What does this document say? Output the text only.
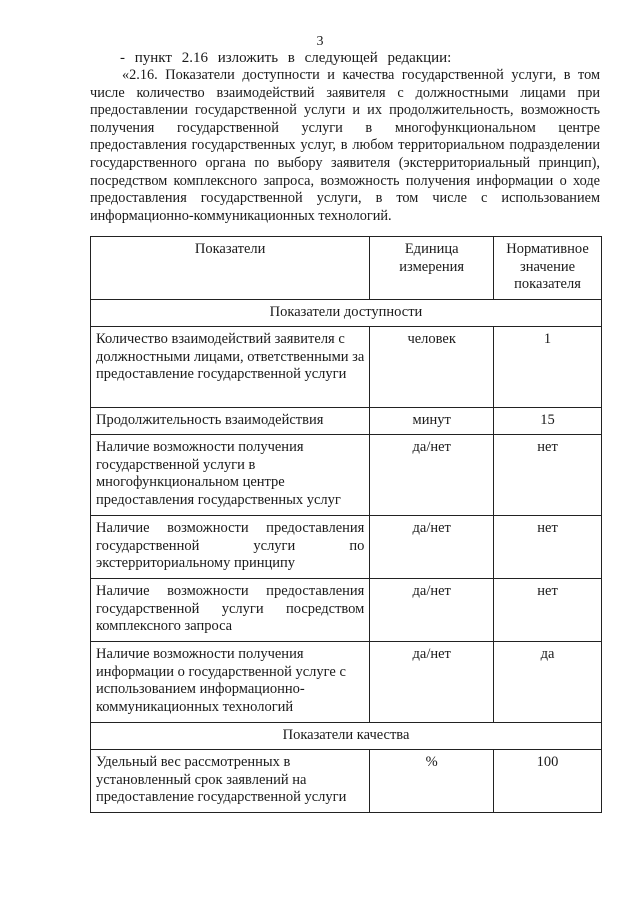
3
- пункт 2.16 изложить в следующей редакции:

«2.16. Показатели доступности и качества государственной услуги, в том числе количество взаимодействий заявителя с должностными лицами при предоставлении государственной услуги и их продолжительность, возможность получения государственной услуги в многофункциональном центре предоставления государственных услуг, в любом территориальном подразделении государственного органа по выбору заявителя (экстерриториальный принцип), посредством комплексного запроса, возможность получения информации о ходе предоставления государственной услуги, в том числе с использованием информационно-коммуникационных технологий.

Показатели	Единица измерения	Нормативное значение показателя
Показатели доступности		
Количество взаимодействий заявителя с должностными лицами, ответственными за предоставление государственной услуги	человек	1
Продолжительность взаимодействия	минут	15
Наличие возможности получения государственной услуги в многофункциональном центре предоставления государственных услуг	да/нет	нет
Наличие возможности предоставления государственной услуги по экстерриториальному принципу	да/нет	нет
Наличие возможности предоставления государственной услуги посредством комплексного запроса	да/нет	нет
Наличие возможности получения информации о государственной услуге с использованием информационно-коммуникационных технологий	да/нет	да
Показатели качества		
Удельный вес рассмотренных в установленный срок заявлений на предоставление государственной услуги	%	100
